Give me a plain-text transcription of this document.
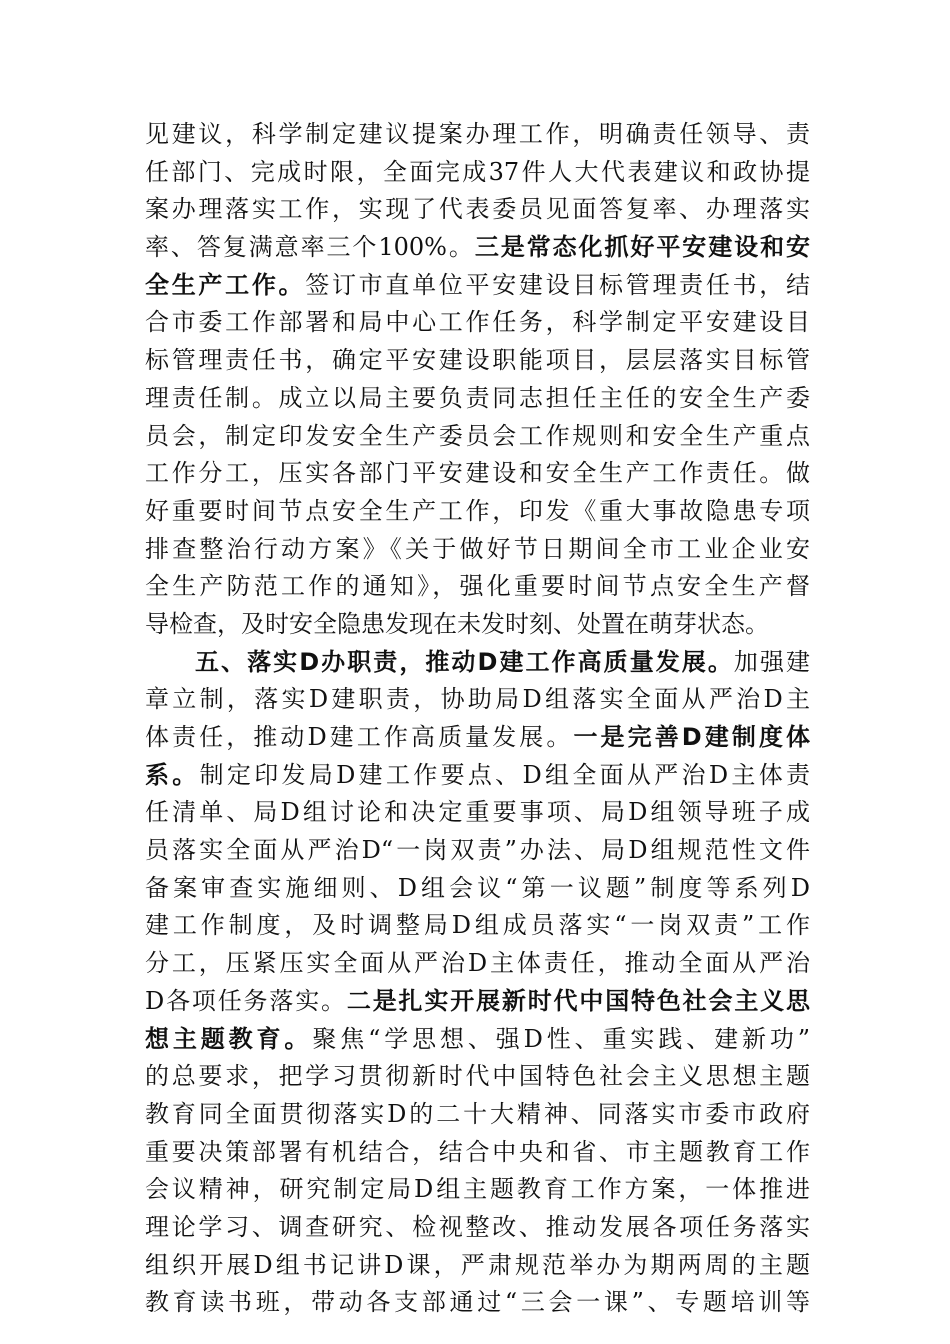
见建议，科学制定建议提案办理工作，明确责任领导、责
任部门、完成时限，全面完成37件人大代表建议和政协提
案办理落实工作，实现了代表委员见面答复率、办理落实
率、答复满意率三个100%。三是常态化抓好平安建设和安
全生产工作。签订市直单位平安建设目标管理责任书，结
合市委工作部署和局中心工作任务，科学制定平安建设目
标管理责任书，确定平安建设职能项目，层层落实目标管
理责任制。成立以局主要负责同志担任主任的安全生产委
员会，制定印发安全生产委员会工作规则和安全生产重点
工作分工，压实各部门平安建设和安全生产工作责任。做
好重要时间节点安全生产工作，印发《重大事故隐患专项
排查整治行动方案》《关于做好节日期间全市工业企业安
全生产防范工作的通知》，强化重要时间节点安全生产督
导检查，及时安全隐患发现在未发时刻、处置在萌芽状态。
五、落实D办职责，推动D建工作高质量发展。加强建
章立制，落实D建职责，协助局D组落实全面从严治D主
体责任，推动D建工作高质量发展。一是完善D建制度体
系。制定印发局D建工作要点、D组全面从严治D主体责
任清单、局D组讨论和决定重要事项、局D组领导班子成
员落实全面从严治D“一岗双责”办法、局D组规范性文件
备案审查实施细则、D组会议“第一议题”制度等系列D
建工作制度，及时调整局D组成员落实“一岗双责”工作
分工，压紧压实全面从严治D主体责任，推动全面从严治
D各项任务落实。二是扎实开展新时代中国特色社会主义思
想主题教育。聚焦“学思想、强D性、重实践、建新功”
的总要求，把学习贯彻新时代中国特色社会主义思想主题
教育同全面贯彻落实D的二十大精神、同落实市委市政府
重要决策部署有机结合，结合中央和省、市主题教育工作
会议精神，研究制定局D组主题教育工作方案，一体推进
理论学习、调查研究、检视整改、推动发展各项任务落实
组织开展D组书记讲D课，严肃规范举办为期两周的主题
教育读书班，带动各支部通过“三会一课”、专题培训等
